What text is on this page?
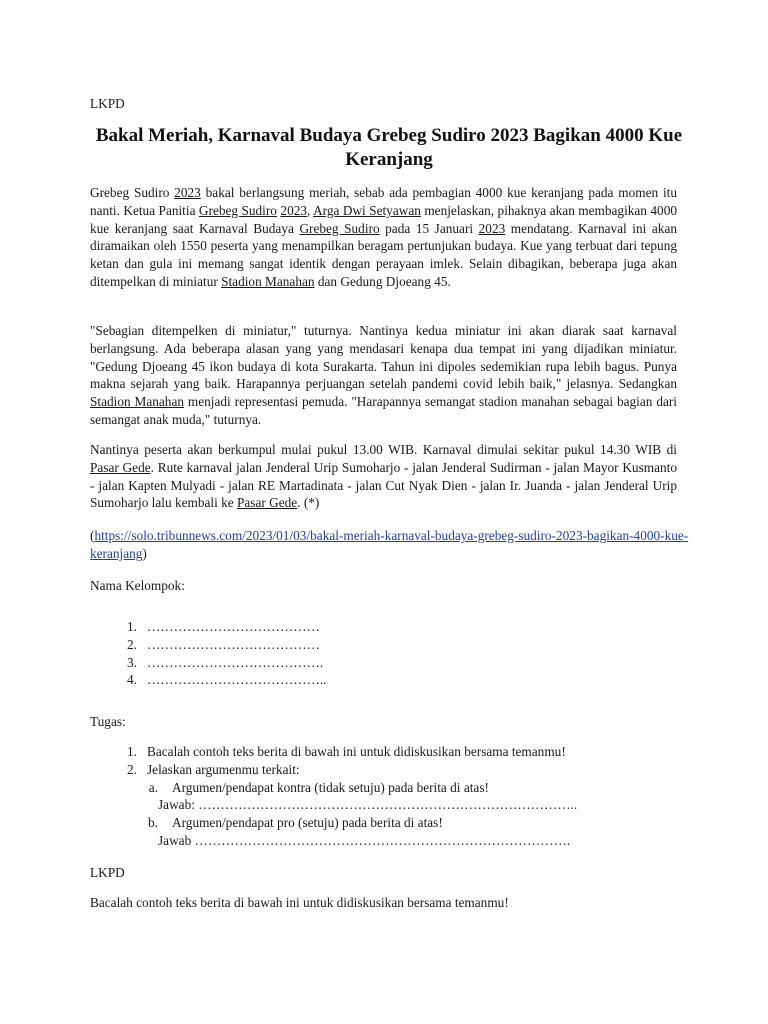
LKPD

Bakal Meriah, Karnaval Budaya Grebeg Sudiro 2023 Bagikan 4000 Kue Keranjang

Grebeg Sudiro 2023 bakal berlangsung meriah, sebab ada pembagian 4000 kue keranjang pada momen itu nanti. Ketua Panitia Grebeg Sudiro 2023, Arga Dwi Setyawan menjelaskan, pihaknya akan membagikan 4000 kue keranjang saat Karnaval Budaya Grebeg Sudiro pada 15 Januari 2023 mendatang. Karnaval ini akan diramaikan oleh 1550 peserta yang menampilkan beragam pertunjukan budaya. Kue yang terbuat dari tepung ketan dan gula ini memang sangat identik dengan perayaan imlek. Selain dibagikan, beberapa juga akan ditempelkan di miniatur Stadion Manahan dan Gedung Djoeang 45.

"Sebagian ditempelken di miniatur," tuturnya. Nantinya kedua miniatur ini akan diarak saat karnaval berlangsung. Ada beberapa alasan yang yang mendasari kenapa dua tempat ini yang dijadikan miniatur. "Gedung Djoeang 45 ikon budaya di kota Surakarta. Tahun ini dipoles sedemikian rupa lebih bagus. Punya makna sejarah yang baik. Harapannya perjuangan setelah pandemi covid lebih baik," jelasnya. Sedangkan Stadion Manahan menjadi representasi pemuda. "Harapannya semangat stadion manahan sebagai bagian dari semangat anak muda," tuturnya.

Nantinya peserta akan berkumpul mulai pukul 13.00 WIB. Karnaval dimulai sekitar pukul 14.30 WIB di Pasar Gede. Rute karnaval jalan Jenderal Urip Sumoharjo - jalan Jenderal Sudirman - jalan Mayor Kusmanto - jalan Kapten Mulyadi - jalan RE Martadinata - jalan Cut Nyak Dien - jalan Ir. Juanda - jalan Jenderal Urip Sumoharjo lalu kembali ke Pasar Gede. (*)

(https://solo.tribunnews.com/2023/01/03/bakal-meriah-karnaval-budaya-grebeg-sudiro-2023-bagikan-4000-kue-keranjang)

Nama Kelompok:

1. …………………………………
2. …………………………………
3. ………………………………….
4. …………………………………..

Tugas:

1. Bacalah contoh teks berita di bawah ini untuk didiskusikan bersama temanmu!
2. Jelaskan argumenmu terkait:
a.	Argumen/pendapat kontra (tidak setuju) pada berita di atas!
Jawab: …………………………………………………………………………..
b.	Argumen/pendapat pro (setuju) pada berita di atas!
Jawab ………………………………………………………………………….

LKPD

Bacalah contoh teks berita di bawah ini untuk didiskusikan bersama temanmu!
